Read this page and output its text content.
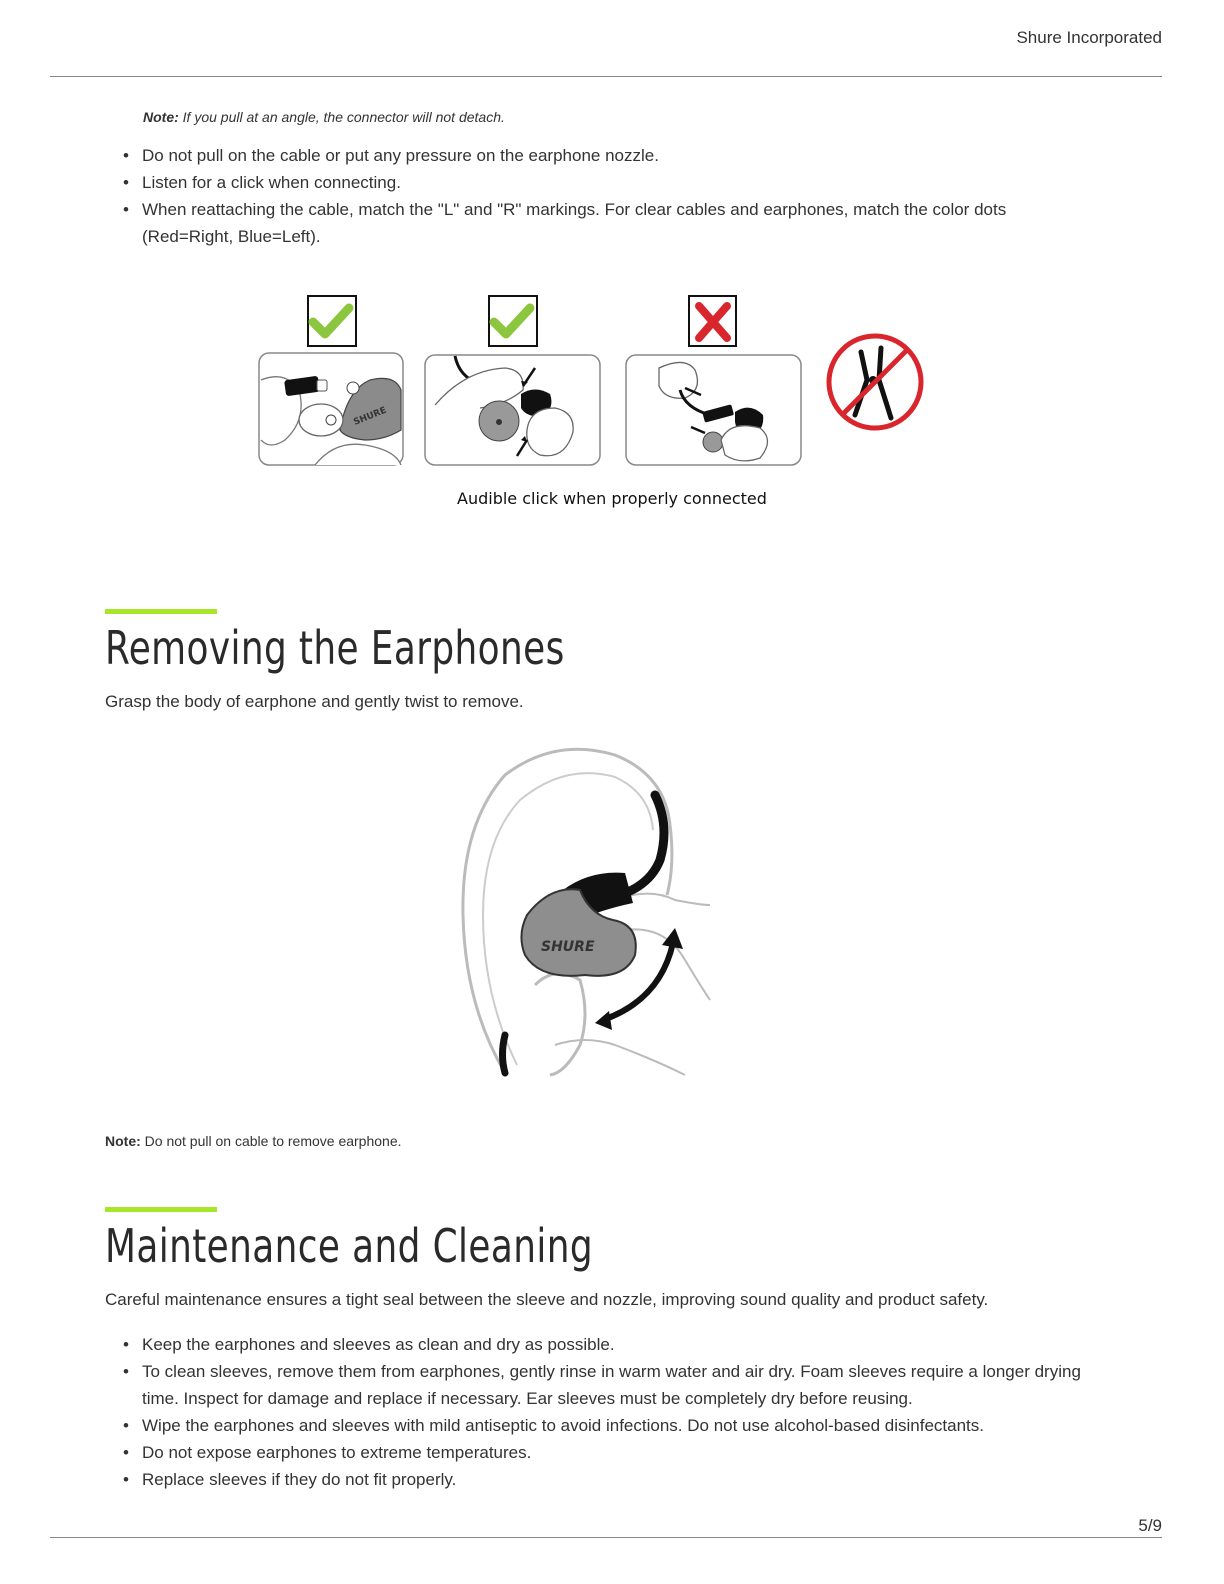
Shure Incorporated
Note: If you pull at an angle, the connector will not detach.
• Do not pull on the cable or put any pressure on the earphone nozzle.
• Listen for a click when connecting.
• When reattaching the cable, match the "L" and "R" markings. For clear cables and earphones, match the color dots
(Red=Right, Blue=Left).
SHURE
Audible click when properly connected
Removing the Earphones
Grasp the body of earphone and gently twist to remove.
SHURE
Note: Do not pull on cable to remove earphone.
Maintenance and Cleaning
Careful maintenance ensures a tight seal between the sleeve and nozzle, improving sound quality and product safety.
• Keep the earphones and sleeves as clean and dry as possible.
• To clean sleeves, remove them from earphones, gently rinse in warm water and air dry. Foam sleeves require a longer drying time. Inspect for damage and replace if necessary. Ear sleeves must be completely dry before reusing.
• Wipe the earphones and sleeves with mild antiseptic to avoid infections. Do not use alcohol-based disinfectants.
• Do not expose earphones to extreme temperatures.
• Replace sleeves if they do not fit properly.
5/9
